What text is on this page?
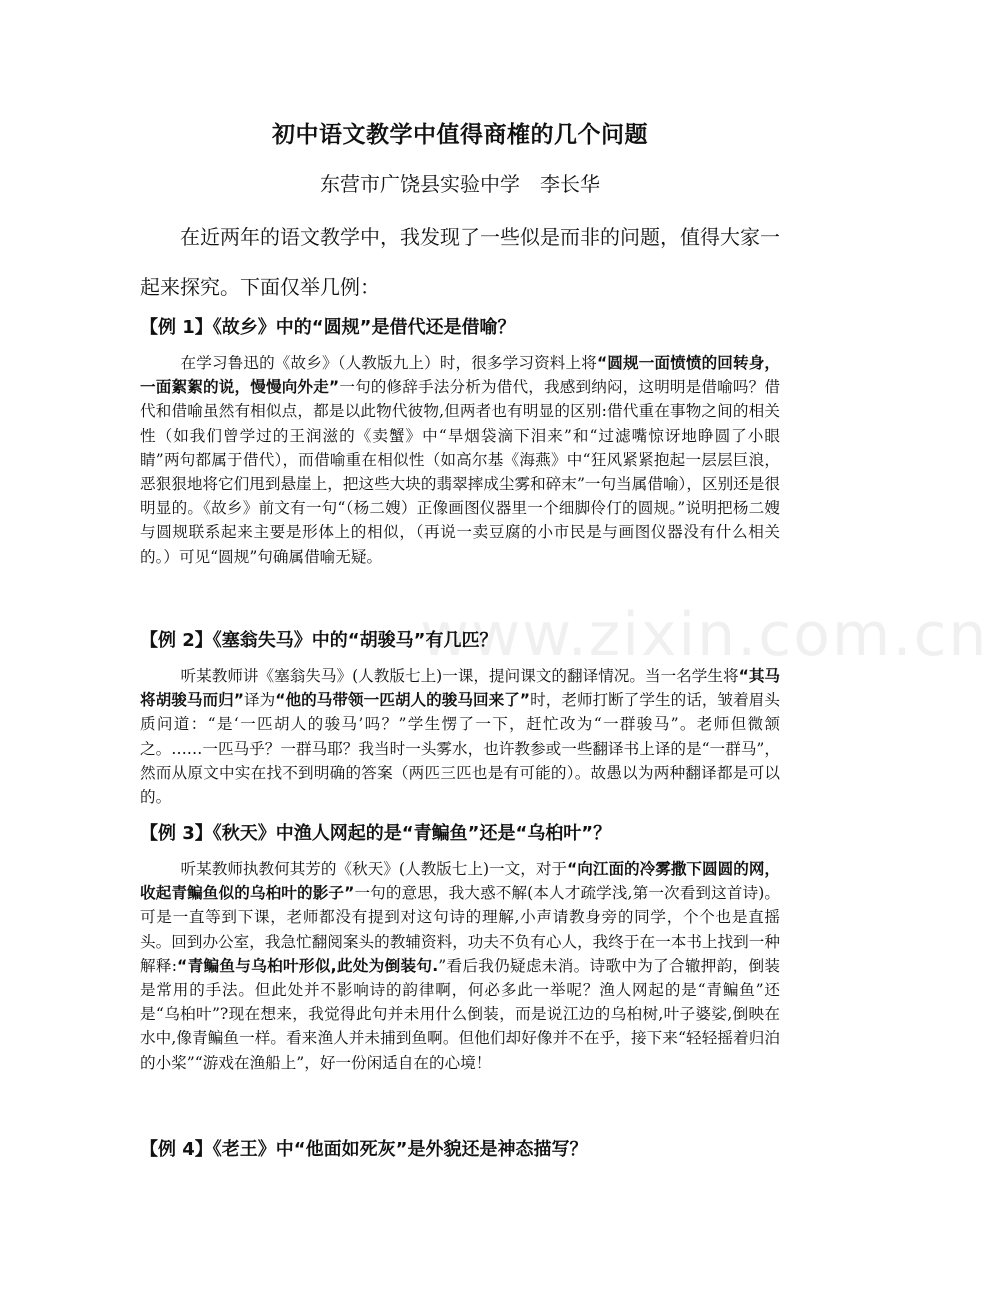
www.zixin.com.cn
初中语文教学中值得商榷的几个问题
东营市广饶县实验中学　李长华

在近两年的语文教学中，我发现了一些似是而非的问题，值得大家一起来探究。下面仅举几例：

【例 1】《故乡》中的“圆规”是借代还是借喻？

在学习鲁迅的《故乡》（人教版九上）时，很多学习资料上将“圆规一面愤愤的回转身，一面絮絮的说，慢慢向外走”一句的修辞手法分析为借代，我感到纳闷，这明明是借喻吗？借代和借喻虽然有相似点，都是以此物代彼物,但两者也有明显的区别:借代重在事物之间的相关性（如我们曾学过的王润滋的《卖蟹》中“旱烟袋滴下泪来”和“过滤嘴惊讶地睁圆了小眼睛”两句都属于借代），而借喻重在相似性（如高尔基《海燕》中“狂风紧紧抱起一层层巨浪，恶狠狠地将它们甩到悬崖上，把这些大块的翡翠摔成尘雾和碎末”一句当属借喻），区别还是很明显的。《故乡》前文有一句“（杨二嫂）正像画图仪器里一个细脚伶仃的圆规。”说明把杨二嫂与圆规联系起来主要是形体上的相似，（再说一卖豆腐的小市民是与画图仪器没有什么相关的。）可见“圆规”句确属借喻无疑。

【例 2】《塞翁失马》中的“胡骏马”有几匹？

听某教师讲《塞翁失马》(人教版七上)一课，提问课文的翻译情况。当一名学生将“其马将胡骏马而归”译为“他的马带领一匹胡人的骏马回来了”时，老师打断了学生的话，皱着眉头质问道：“是‘一匹胡人的骏马’吗？”学生愣了一下，赶忙改为“一群骏马”。老师但微颔之。……一匹马乎？一群马耶？我当时一头雾水，也许教参或一些翻译书上译的是“一群马”，然而从原文中实在找不到明确的答案（两匹三匹也是有可能的）。故愚以为两种翻译都是可以的。

【例 3】《秋天》中渔人网起的是“青鳊鱼”还是“乌桕叶”？

听某教师执教何其芳的《秋天》(人教版七上)一文，对于“向江面的冷雾撒下圆圆的网，收起青鳊鱼似的乌桕叶的影子”一句的意思，我大惑不解(本人才疏学浅,第一次看到这首诗)。可是一直等到下课，老师都没有提到对这句诗的理解,小声请教身旁的同学，个个也是直摇头。回到办公室，我急忙翻阅案头的教辅资料，功夫不负有心人，我终于在一本书上找到一种解释:“青鳊鱼与乌桕叶形似,此处为倒装句.”看后我仍疑虑未消。诗歌中为了合辙押韵，倒装是常用的手法。但此处并不影响诗的韵律啊，何必多此一举呢？渔人网起的是“青鳊鱼”还是“乌桕叶”?现在想来，我觉得此句并未用什么倒装，而是说江边的乌桕树,叶子婆娑,倒映在水中,像青鳊鱼一样。看来渔人并未捕到鱼啊。但他们却好像并不在乎，接下来“轻轻摇着归泊的小桨”“游戏在渔船上”，好一份闲适自在的心境！

【例 4】《老王》中“他面如死灰”是外貌还是神态描写？
